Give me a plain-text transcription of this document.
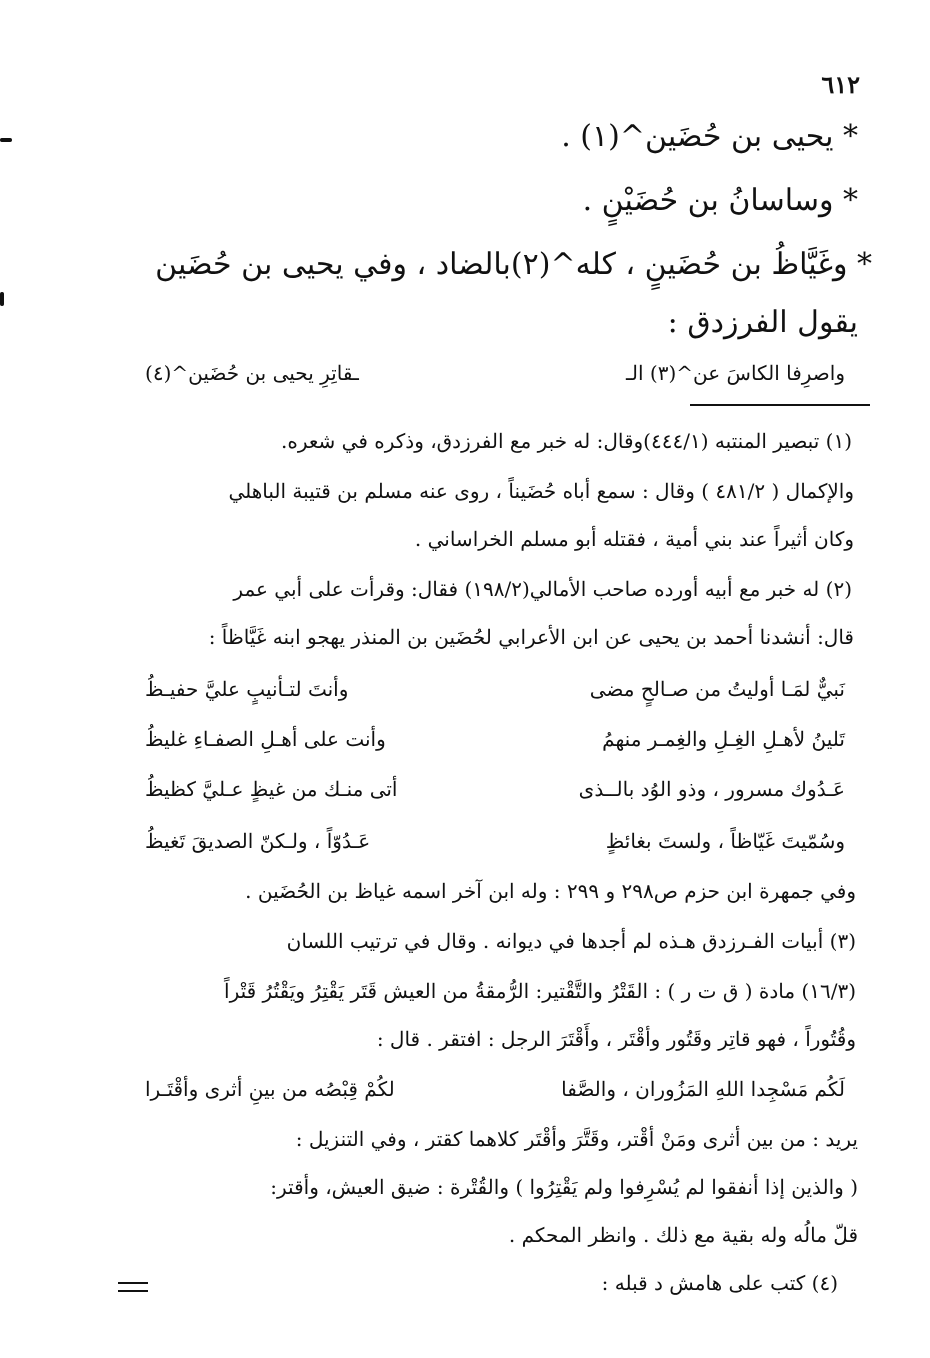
٦١٢
* يحيى بن حُضَين^(١) .
* وساسانُ بن حُضَيْنٍ .
* وغَيَّاظُ بن حُضَينٍ ، كله^(٢)بالضاد ، وفي يحيى بن حُضَين
يقول الفرزدق :
واصرِفا الكاسَ عن^(٣) الـ
ـقاتِرِ يحيى بن حُضَين^(٤)
(١) تبصير المنتبه (٤٤٤/١)وقال: له خبر مع الفرزدق، وذكره في شعره.
والإكمال ( ٤٨١/٢ ) وقال : سمع أباه حُضَيناً ، روى عنه مسلم بن قتيبة الباهلي
وكان أثيراً عند بني أمية ، فقتله أبو مسلم الخراساني .
(٢) له خبر مع أبيه أورده صاحب الأمالي(١٩٨/٢) فقال: وقرأت على أبي عمر
قال: أنشدنا أحمد بن يحيى عن ابن الأعرابي لحُضَين بن المنذر يهجو ابنه غَيَّاظاً :
نَبيٌّ لمَـا أوليتُ من صـالحٍ مضى
وأنتَ لتـأنيبٍ عليَّ حفيـظُ
تَلينُ لأهـلِ الغِـلِ والغِمـر منهمُ
وأنت على أهـلِ الصفـاءِ غليظُ
عَـدُوك مسرور ، وذو الوُد بالــذى
أتى منـك من غيظٍ عـليَّ كظيظُ
وسُمّيتَ غَيّاظاً ، ولستَ بغائظٍ
عَـدُوّاً ، ولـكنّ الصديقَ تَغيظُ
وفي جمهرة ابن حزم ص٢٩٨ و ٢٩٩ : وله ابن آخر اسمه غياظ بن الحُضَين .
(٣) أبيات الفـرزدق هـذه لم أجدها في ديوانه . وقال في ترتيب اللسان
(١٦/٣) مادة ( ق ت ر ) : القَتْرُ والتَّقْتير: الرُّمقةُ من العيش قَتَر يَقْتِرُ ويَقْتُرُ قَتْراً
وقُتُوراً ، فهو قاتِر وقَتُور وأقْتَر ، وأَقْتَرَ الرجل : افتقر . قال :
لَكُم مَسْجِدا اللهِ المَزُوران ، والصَّفا
لكُمْ قِبْصُه من بينِ أثرى وأقْتَـرا
يريد : من بين أثرى ومَنْ أقْتر، وقَتَّرَ وأقْتَر كلاهما كقتر ، وفي التنزيل :
( والذين إذا أنفقوا لم يُسْرِفوا ولم يَقْتِرُوا ) والقُتْرة : ضيق العيش، وأقتر:
قلّ مالُه وله بقية مع ذلك . وانظر المحكم .
(٤) كتب على هامش د قبله :
